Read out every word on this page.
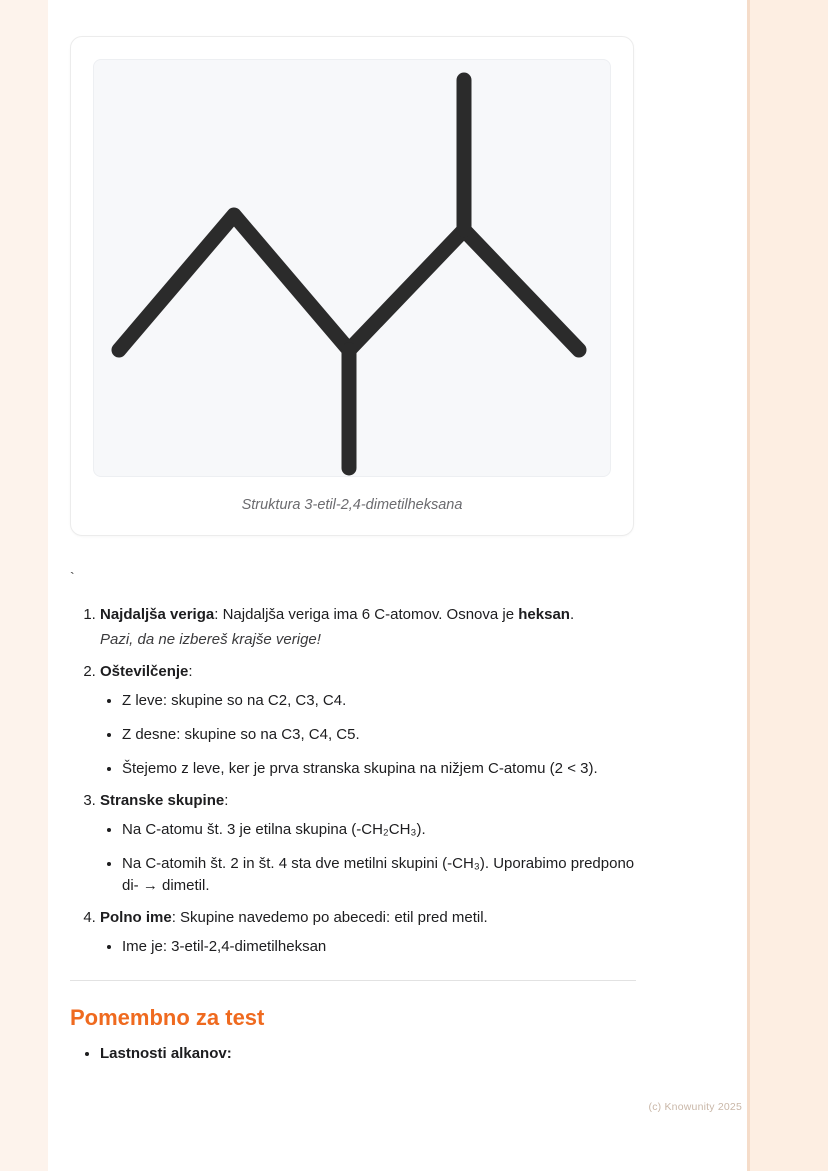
Struktura 3-etil-2,4-dimetilheksana
`
1. Najdaljša veriga: Najdaljša veriga ima 6 C-atomov. Osnova je heksan.
Pazi, da ne izbereš krajše verige!
2. Oštevilčenje:
• Z leve: skupine so na C2, C3, C4.
• Z desne: skupine so na C3, C4, C5.
• Štejemo z leve, ker je prva stranska skupina na nižjem C-atomu (2 < 3).
3. Stranske skupine:
• Na C-atomu št. 3 je etilna skupina (-CH₂CH₃).
• Na C-atomih št. 2 in št. 4 sta dve metilni skupini (-CH₃). Uporabimo predpono di- → dimetil.
4. Polno ime: Skupine navedemo po abecedi: etil pred metil.
• Ime je: 3-etil-2,4-dimetilheksan
Pomembno za test
• Lastnosti alkanov:
(c) Knowunity 2025
